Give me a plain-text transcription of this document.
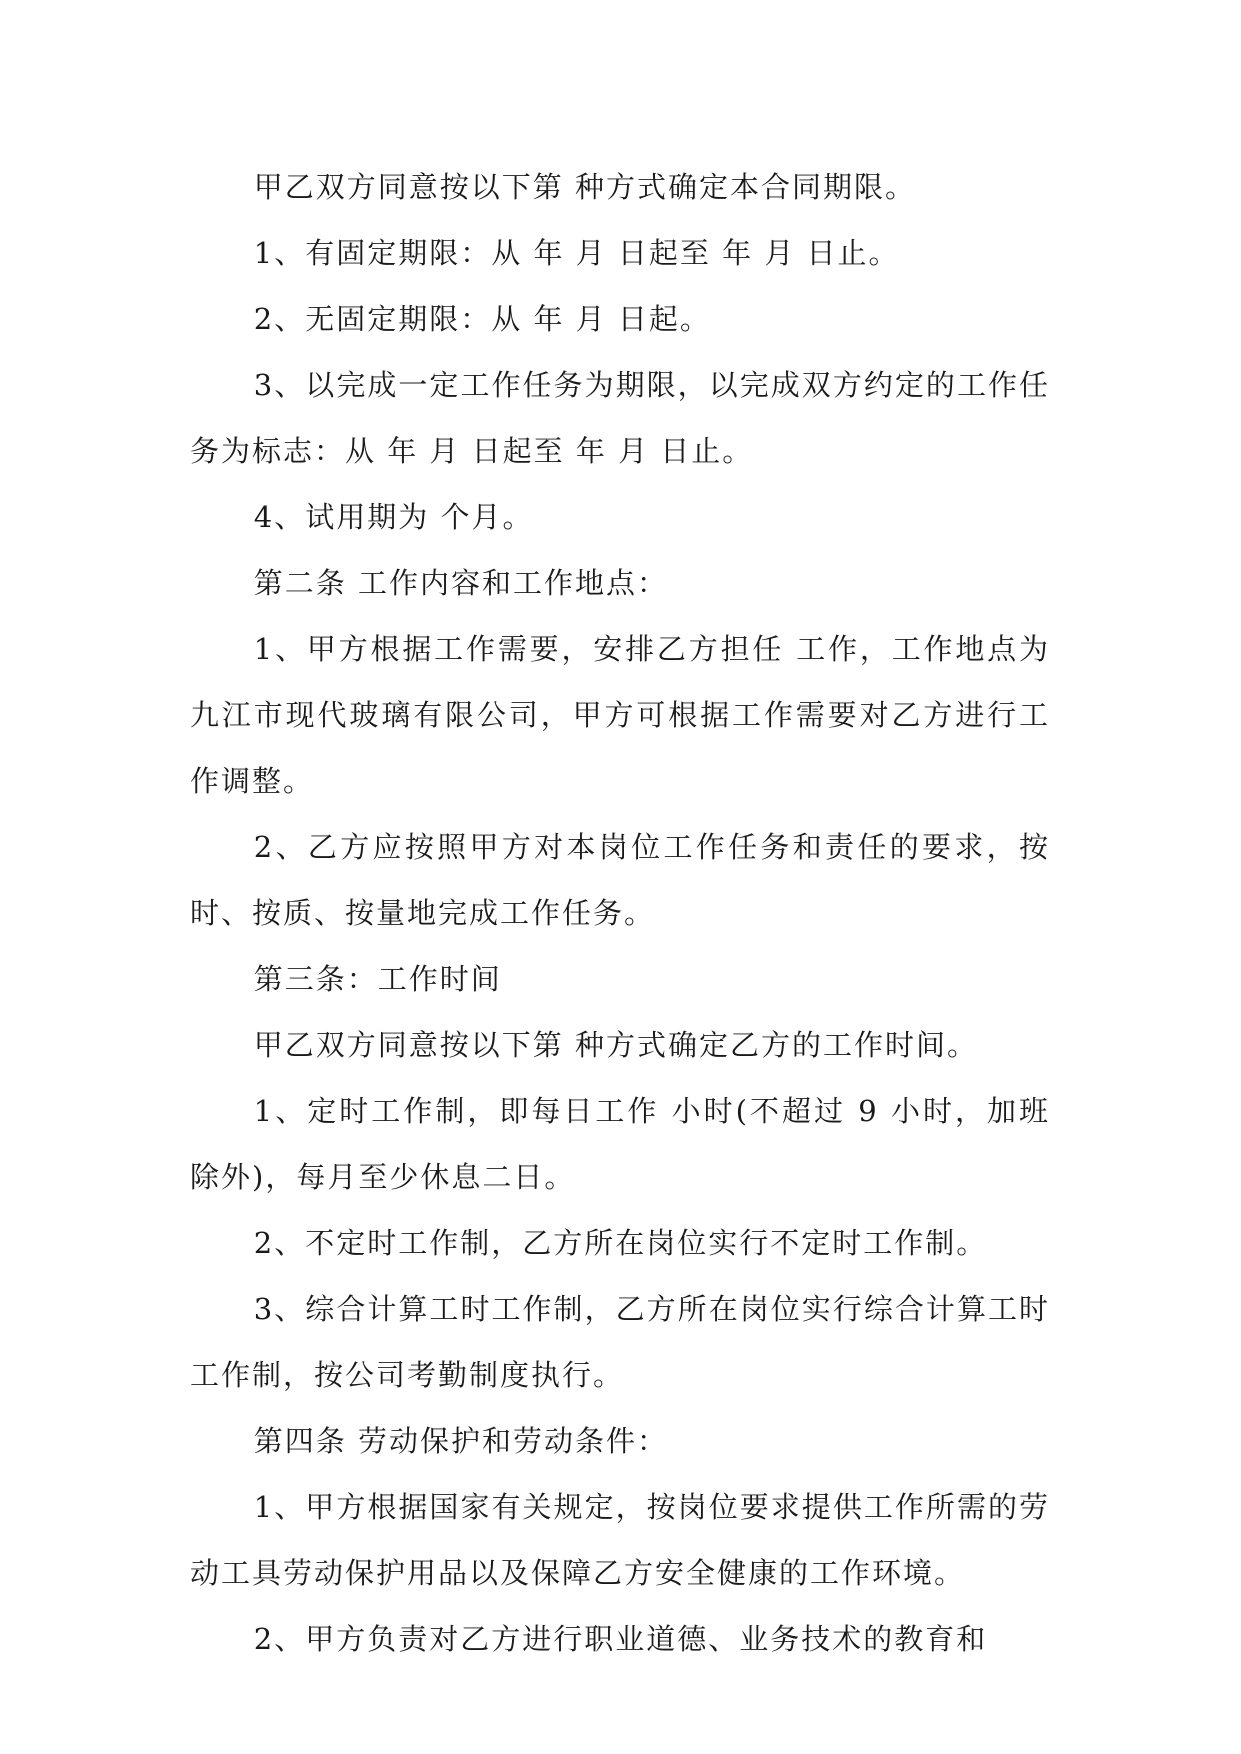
甲乙双方同意按以下第 种方式确定本合同期限。

1、有固定期限：从 年 月 日起至 年 月 日止。

2、无固定期限：从 年 月 日起。

3、以完成一定工作任务为期限，以完成双方约定的工作任务为标志：从 年 月 日起至 年 月 日止。

4、试用期为 个月。

第二条 工作内容和工作地点：

1、甲方根据工作需要，安排乙方担任 工作，工作地点为九江市现代玻璃有限公司，甲方可根据工作需要对乙方进行工作调整。

2、乙方应按照甲方对本岗位工作任务和责任的要求，按时、按质、按量地完成工作任务。

第三条：工作时间

甲乙双方同意按以下第 种方式确定乙方的工作时间。

1、定时工作制，即每日工作 小时(不超过 9 小时，加班除外)，每月至少休息二日。

2、不定时工作制，乙方所在岗位实行不定时工作制。

3、综合计算工时工作制，乙方所在岗位实行综合计算工时工作制，按公司考勤制度执行。

第四条 劳动保护和劳动条件：

1、甲方根据国家有关规定，按岗位要求提供工作所需的劳动工具劳动保护用品以及保障乙方安全健康的工作环境。

2、甲方负责对乙方进行职业道德、业务技术的教育和
